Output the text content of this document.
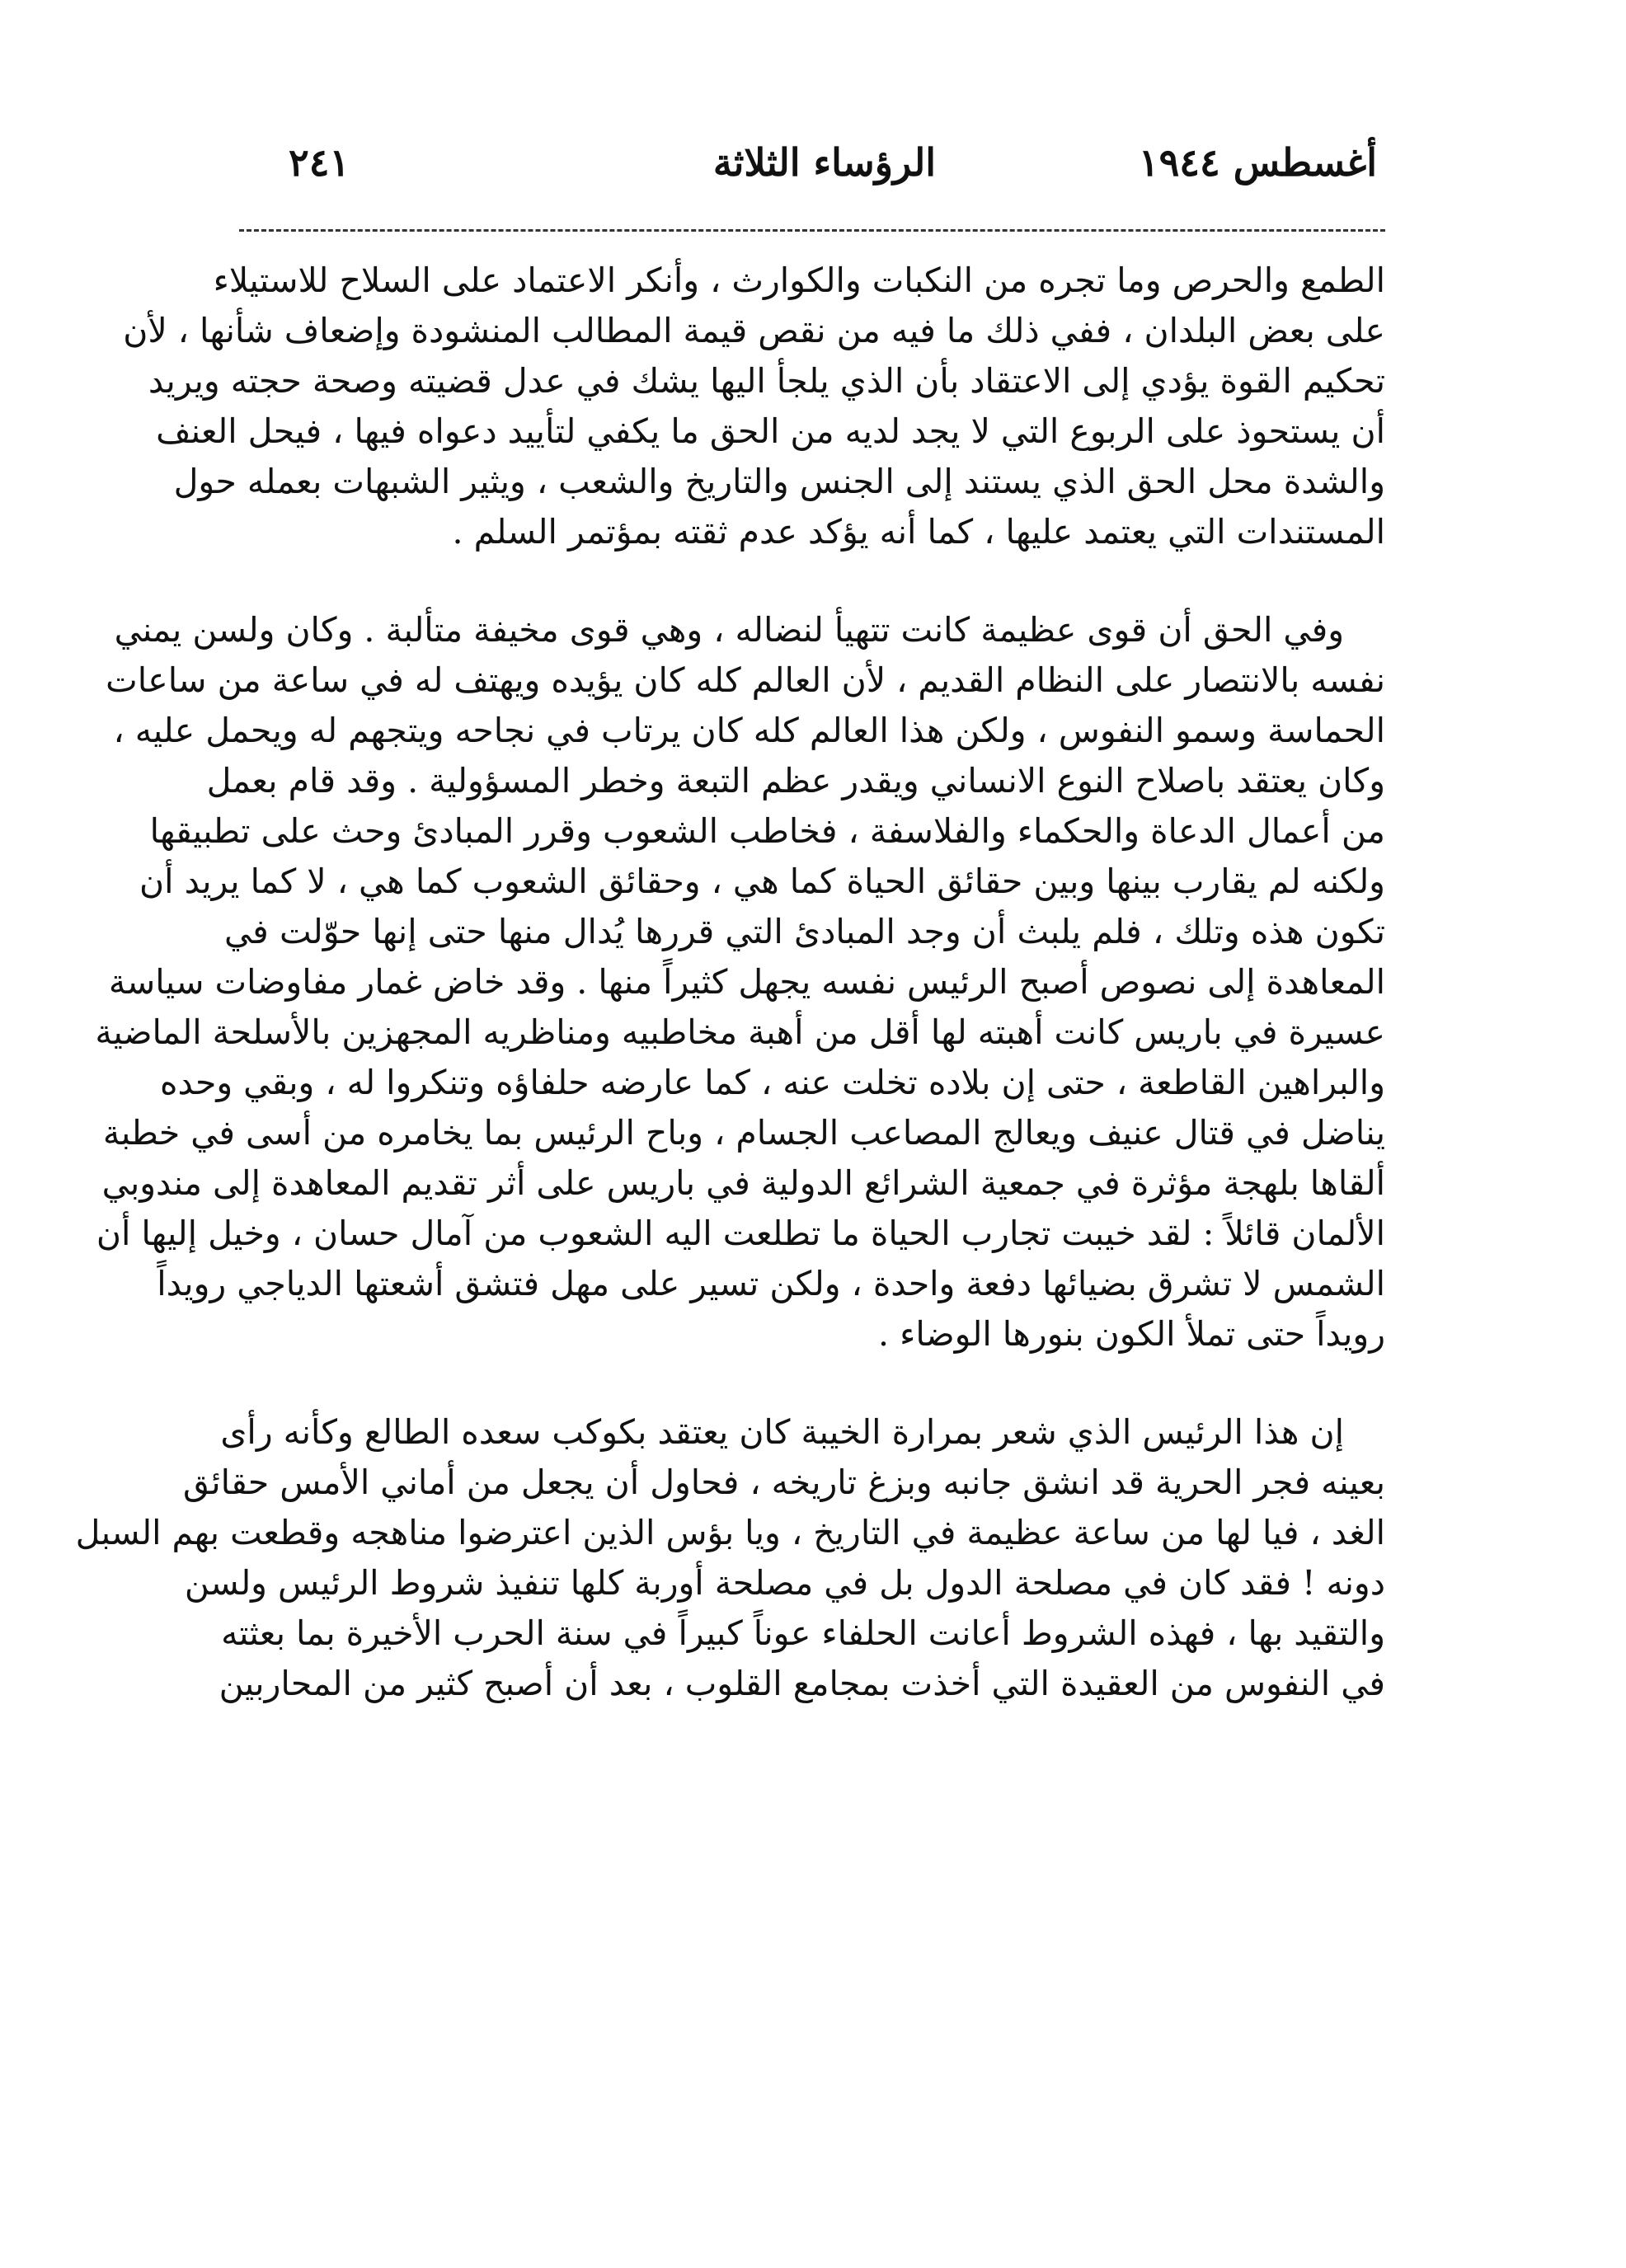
أغسطس ١٩٤٤
الرؤساء الثلاثة
٢٤١
الطمع والحرص وما تجره من النكبات والكوارث ، وأنكر الاعتماد على السلاح للاستيلاء
على بعض البلدان ، ففي ذلك ما فيه من نقص قيمة المطالب المنشودة وإضعاف شأنها ، لأن
تحكيم القوة يؤدي إلى الاعتقاد بأن الذي يلجأ اليها يشك في عدل قضيته وصحة حجته ويريد
أن يستحوذ على الربوع التي لا يجد لديه من الحق ما يكفي لتأييد دعواه فيها ، فيحل العنف
والشدة محل الحق الذي يستند إلى الجنس والتاريخ والشعب ، ويثير الشبهات بعمله حول
المستندات التي يعتمد عليها ، كما أنه يؤكد عدم ثقته بمؤتمر السلم .
وفي الحق أن قوى عظيمة كانت تتهيأ لنضاله ، وهي قوى مخيفة متألبة . وكان ولسن يمني
نفسه بالانتصار على النظام القديم ، لأن العالم كله كان يؤيده ويهتف له في ساعة من ساعات
الحماسة وسمو النفوس ، ولكن هذا العالم كله كان يرتاب في نجاحه ويتجهم له ويحمل عليه ،
وكان يعتقد باصلاح النوع الانساني ويقدر عظم التبعة وخطر المسؤولية . وقد قام بعمل
من أعمال الدعاة والحكماء والفلاسفة ، فخاطب الشعوب وقرر المبادئ وحث على تطبيقها
ولكنه لم يقارب بينها وبين حقائق الحياة كما هي ، وحقائق الشعوب كما هي ، لا كما يريد أن
تكون هذه وتلك ، فلم يلبث أن وجد المبادئ التي قررها يُدال منها حتى إنها حوّلت في
المعاهدة إلى نصوص أصبح الرئيس نفسه يجهل كثيراً منها . وقد خاض غمار مفاوضات سياسة
عسيرة في باريس كانت أهبته لها أقل من أهبة مخاطبيه ومناظريه المجهزين بالأسلحة الماضية
والبراهين القاطعة ، حتى إن بلاده تخلت عنه ، كما عارضه حلفاؤه وتنكروا له ، وبقي وحده
يناضل في قتال عنيف ويعالج المصاعب الجسام ، وباح الرئيس بما يخامره من أسى في خطبة
ألقاها بلهجة مؤثرة في جمعية الشرائع الدولية في باريس على أثر تقديم المعاهدة إلى مندوبي
الألمان قائلاً : لقد خيبت تجارب الحياة ما تطلعت اليه الشعوب من آمال حسان ، وخيل إليها أن
الشمس لا تشرق بضيائها دفعة واحدة ، ولكن تسير على مهل فتشق أشعتها الدياجي رويداً
رويداً حتى تملأ الكون بنورها الوضاء .
إن هذا الرئيس الذي شعر بمرارة الخيبة كان يعتقد بكوكب سعده الطالع وكأنه رأى
بعينه فجر الحرية قد انشق جانبه وبزغ تاريخه ، فحاول أن يجعل من أماني الأمس حقائق
الغد ، فيا لها من ساعة عظيمة في التاريخ ، ويا بؤس الذين اعترضوا مناهجه وقطعت بهم السبل
دونه ! فقد كان في مصلحة الدول بل في مصلحة أوربة كلها تنفيذ شروط الرئيس ولسن
والتقيد بها ، فهذه الشروط أعانت الحلفاء عوناً كبيراً في سنة الحرب الأخيرة بما بعثته
في النفوس من العقيدة التي أخذت بمجامع القلوب ، بعد أن أصبح كثير من المحاربين
